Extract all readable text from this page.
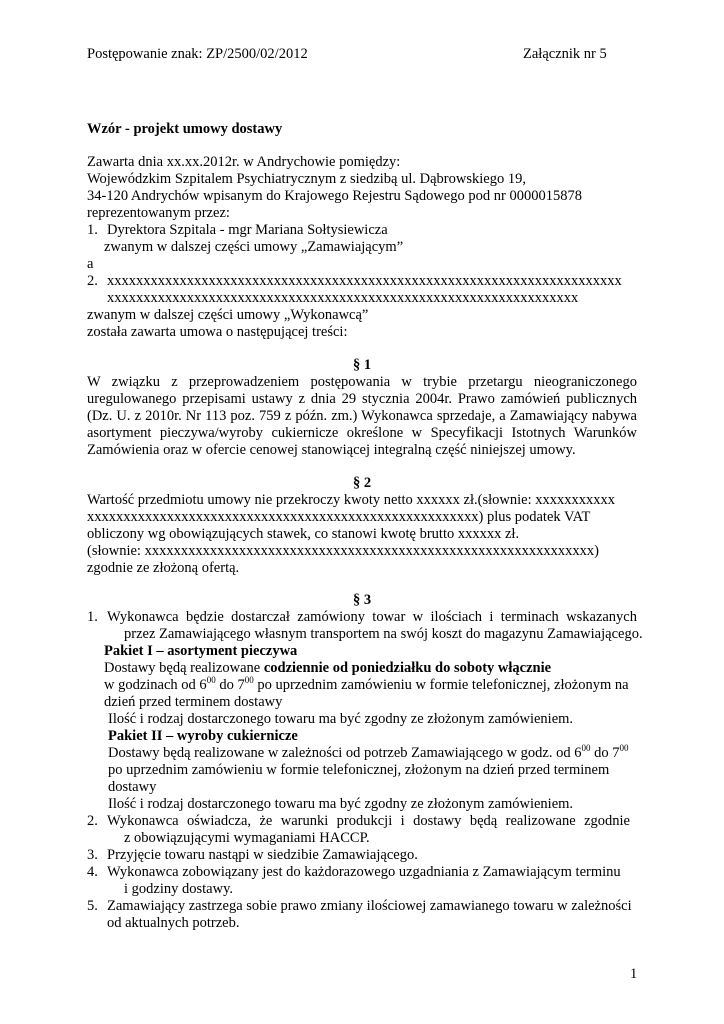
Postępowanie znak: ZP/2500/02/2012	Załącznik nr 5
Wzór - projekt umowy dostawy
Zawarta dnia xx.xx.2012r. w Andrychowie pomiędzy:
Wojewódzkim Szpitalem Psychiatrycznym z siedzibą ul. Dąbrowskiego 19,
34-120 Andrychów wpisanym do Krajowego Rejestru Sądowego pod nr 0000015878
reprezentowanym przez:
1. Dyrektora Szpitala - mgr Mariana Sołtysiewicza
zwanym w dalszej części umowy „Zamawiającym”
a
2. xxxxxxxxxxxxxxxxxxxxxxxxxxxxxxxxxxxxxxxxxxxxxxxxxxxxxxxxxxxxxxxxxxxxxxx
xxxxxxxxxxxxxxxxxxxxxxxxxxxxxxxxxxxxxxxxxxxxxxxxxxxxxxxxxxxxxxxxx
zwanym w dalszej części umowy „Wykonawcą”
została zawarta umowa o następującej treści:
§ 1
W związku z przeprowadzeniem postępowania w trybie przetargu nieograniczonego
uregulowanego przepisami ustawy z dnia 29 stycznia 2004r. Prawo zamówień publicznych
(Dz. U. z 2010r. Nr 113 poz. 759 z późn. zm.) Wykonawca sprzedaje, a Zamawiający nabywa
asortyment pieczywa/wyroby cukiernicze określone w Specyfikacji Istotnych Warunków
Zamówienia oraz w ofercie cenowej stanowiącej integralną część niniejszej umowy.
§ 2
Wartość przedmiotu umowy nie przekroczy kwoty netto xxxxxx zł.(słownie: xxxxxxxxxxx
xxxxxxxxxxxxxxxxxxxxxxxxxxxxxxxxxxxxxxxxxxxxxxxxxxxxxx) plus podatek VAT
obliczony wg obowiązujących stawek, co stanowi kwotę brutto xxxxxx zł.
(słownie: xxxxxxxxxxxxxxxxxxxxxxxxxxxxxxxxxxxxxxxxxxxxxxxxxxxxxxxxxxxxxx)
zgodnie ze złożoną ofertą.
§ 3
1. Wykonawca będzie dostarczał zamówiony towar w ilościach i terminach wskazanych
przez Zamawiającego własnym transportem na swój koszt do magazynu Zamawiającego.
Pakiet I – asortyment pieczywa
Dostawy będą realizowane codziennie od poniedziałku do soboty włącznie
w godzinach od $6^{00}$ do $7^{00}$ po uprzednim zamówieniu w formie telefonicznej, złożonym na
dzień przed terminem dostawy
Ilość i rodzaj dostarczonego towaru ma być zgodny ze złożonym zamówieniem.
Pakiet II – wyroby cukiernicze
Dostawy będą realizowane w zależności od potrzeb Zamawiającego w godz. od $6^{00}$ do $7^{00}$
po uprzednim zamówieniu w formie telefonicznej, złożonym na dzień przed terminem
dostawy
Ilość i rodzaj dostarczonego towaru ma być zgodny ze złożonym zamówieniem.
2. Wykonawca oświadcza, że warunki produkcji i dostawy będą realizowane zgodnie
z obowiązującymi wymaganiami HACCP.
3. Przyjęcie towaru nastąpi w siedzibie Zamawiającego.
4. Wykonawca zobowiązany jest do każdorazowego uzgadniania z Zamawiającym terminu
i godziny dostawy.
5. Zamawiający zastrzega sobie prawo zmiany ilościowej zamawianego towaru w zależności
od aktualnych potrzeb.
1
